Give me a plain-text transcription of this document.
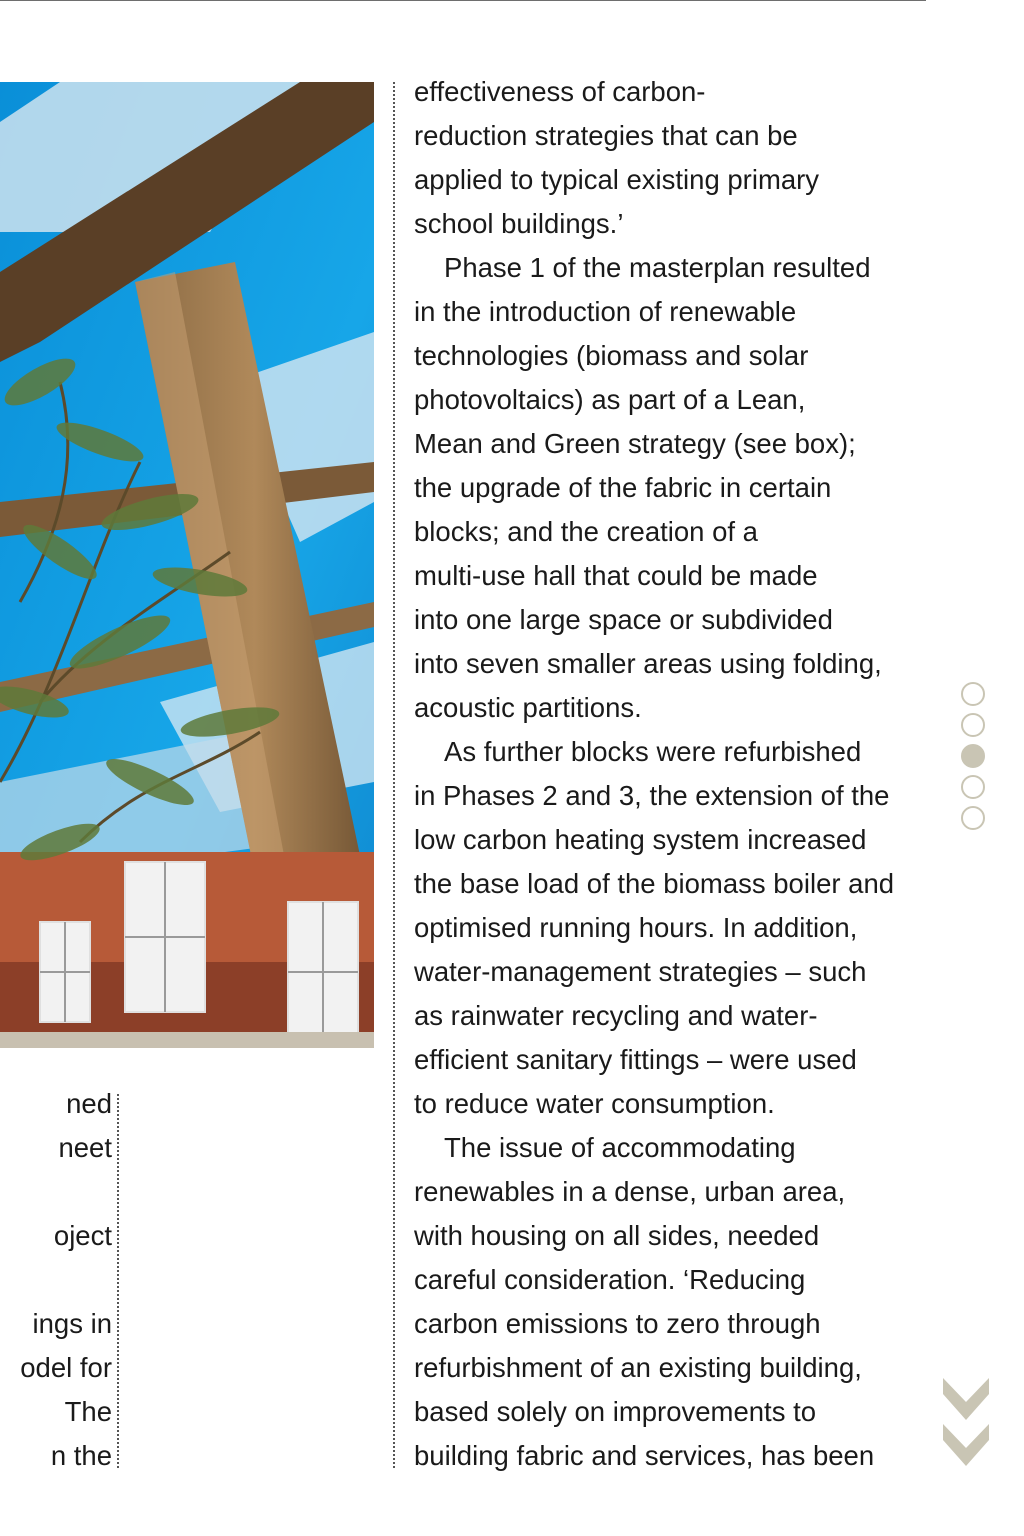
effectiveness of carbon-

reduction strategies that can be

applied to typical existing primary

school buildings.’

Phase 1 of the masterplan resulted

in the introduction of renewable

technologies (biomass and solar

photovoltaics) as part of a Lean,

Mean and Green strategy (see box);

the upgrade of the fabric in certain

blocks; and the creation of a

multi-use hall that could be made

into one large space or subdivided

into seven smaller areas using folding,

acoustic partitions.

As further blocks were refurbished

in Phases 2 and 3, the extension of the

low carbon heating system increased

the base load of the biomass boiler and

optimised running hours. In addition,

water-management strategies – such

as rainwater recycling and water-

efficient sanitary fittings – were used

to reduce water consumption.

The issue of accommodating

renewables in a dense, urban area,

with housing on all sides, needed

careful consideration. ‘Reducing

carbon emissions to zero through

refurbishment of an existing building,

based solely on improvements to

building fabric and services, has been

ned
neet
oject
ings in
odel for
The
n the
